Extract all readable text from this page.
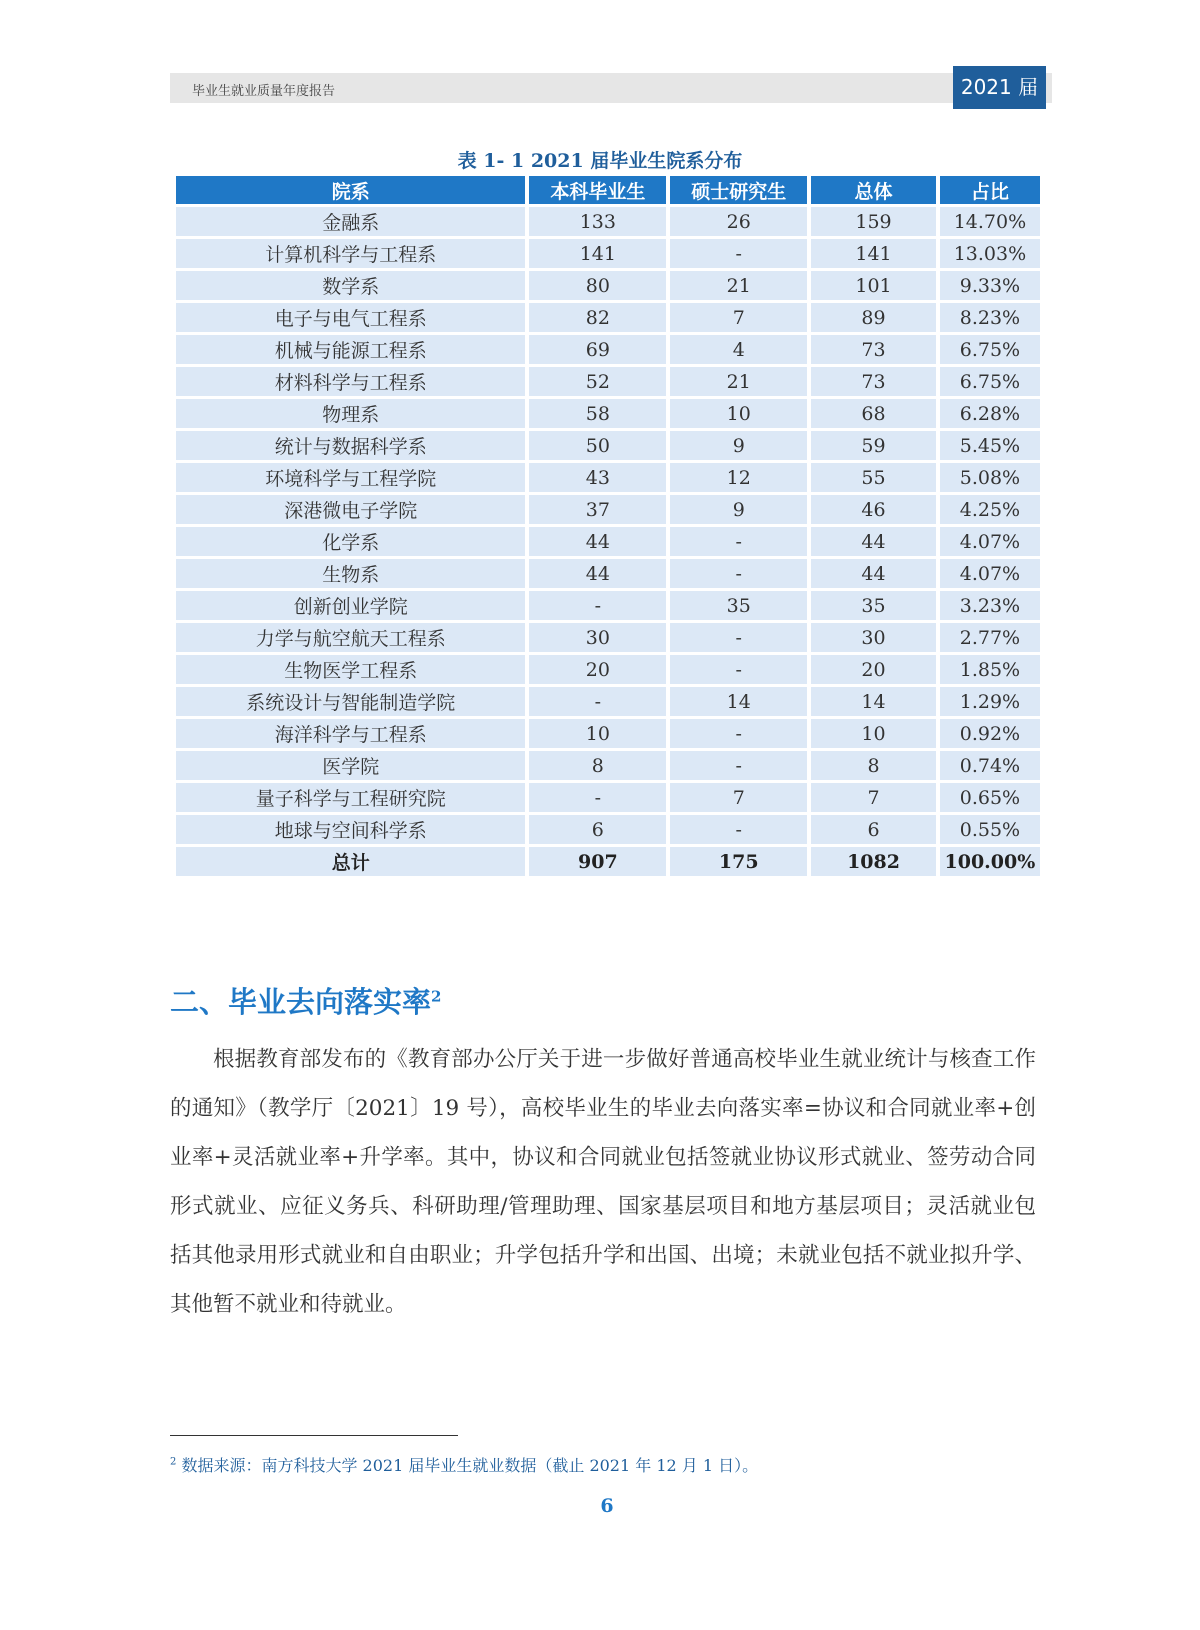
毕业生就业质量年度报告	2021 届
表 1- 1 2021 届毕业生院系分布
院系	本科毕业生	硕士研究生	总体	占比
金融系	133	26	159	14.70%
计算机科学与工程系	141	-	141	13.03%
数学系	80	21	101	9.33%
电子与电气工程系	82	7	89	8.23%
机械与能源工程系	69	4	73	6.75%
材料科学与工程系	52	21	73	6.75%
物理系	58	10	68	6.28%
统计与数据科学系	50	9	59	5.45%
环境科学与工程学院	43	12	55	5.08%
深港微电子学院	37	9	46	4.25%
化学系	44	-	44	4.07%
生物系	44	-	44	4.07%
创新创业学院	-	35	35	3.23%
力学与航空航天工程系	30	-	30	2.77%
生物医学工程系	20	-	20	1.85%
系统设计与智能制造学院	-	14	14	1.29%
海洋科学与工程系	10	-	10	0.92%
医学院	8	-	8	0.74%
量子科学与工程研究院	-	7	7	0.65%
地球与空间科学系	6	-	6	0.55%
总计	907	175	1082	100.00%
二、毕业去向落实率$^2$
根据教育部发布的《教育部办公厅关于进一步做好普通高校毕业生就业统计与核查工作的通知》（教学厅〔2021〕19 号），高校毕业生的毕业去向落实率=协议和合同就业率+创业率+灵活就业率+升学率。其中，协议和合同就业包括签就业协议形式就业、签劳动合同形式就业、应征义务兵、科研助理/管理助理、国家基层项目和地方基层项目；灵活就业包括其他录用形式就业和自由职业；升学包括升学和出国、出境；未就业包括不就业拟升学、其他暂不就业和待就业。
$^2$ 数据来源：南方科技大学 2021 届毕业生就业数据（截止 2021 年 12 月 1 日）。
6
